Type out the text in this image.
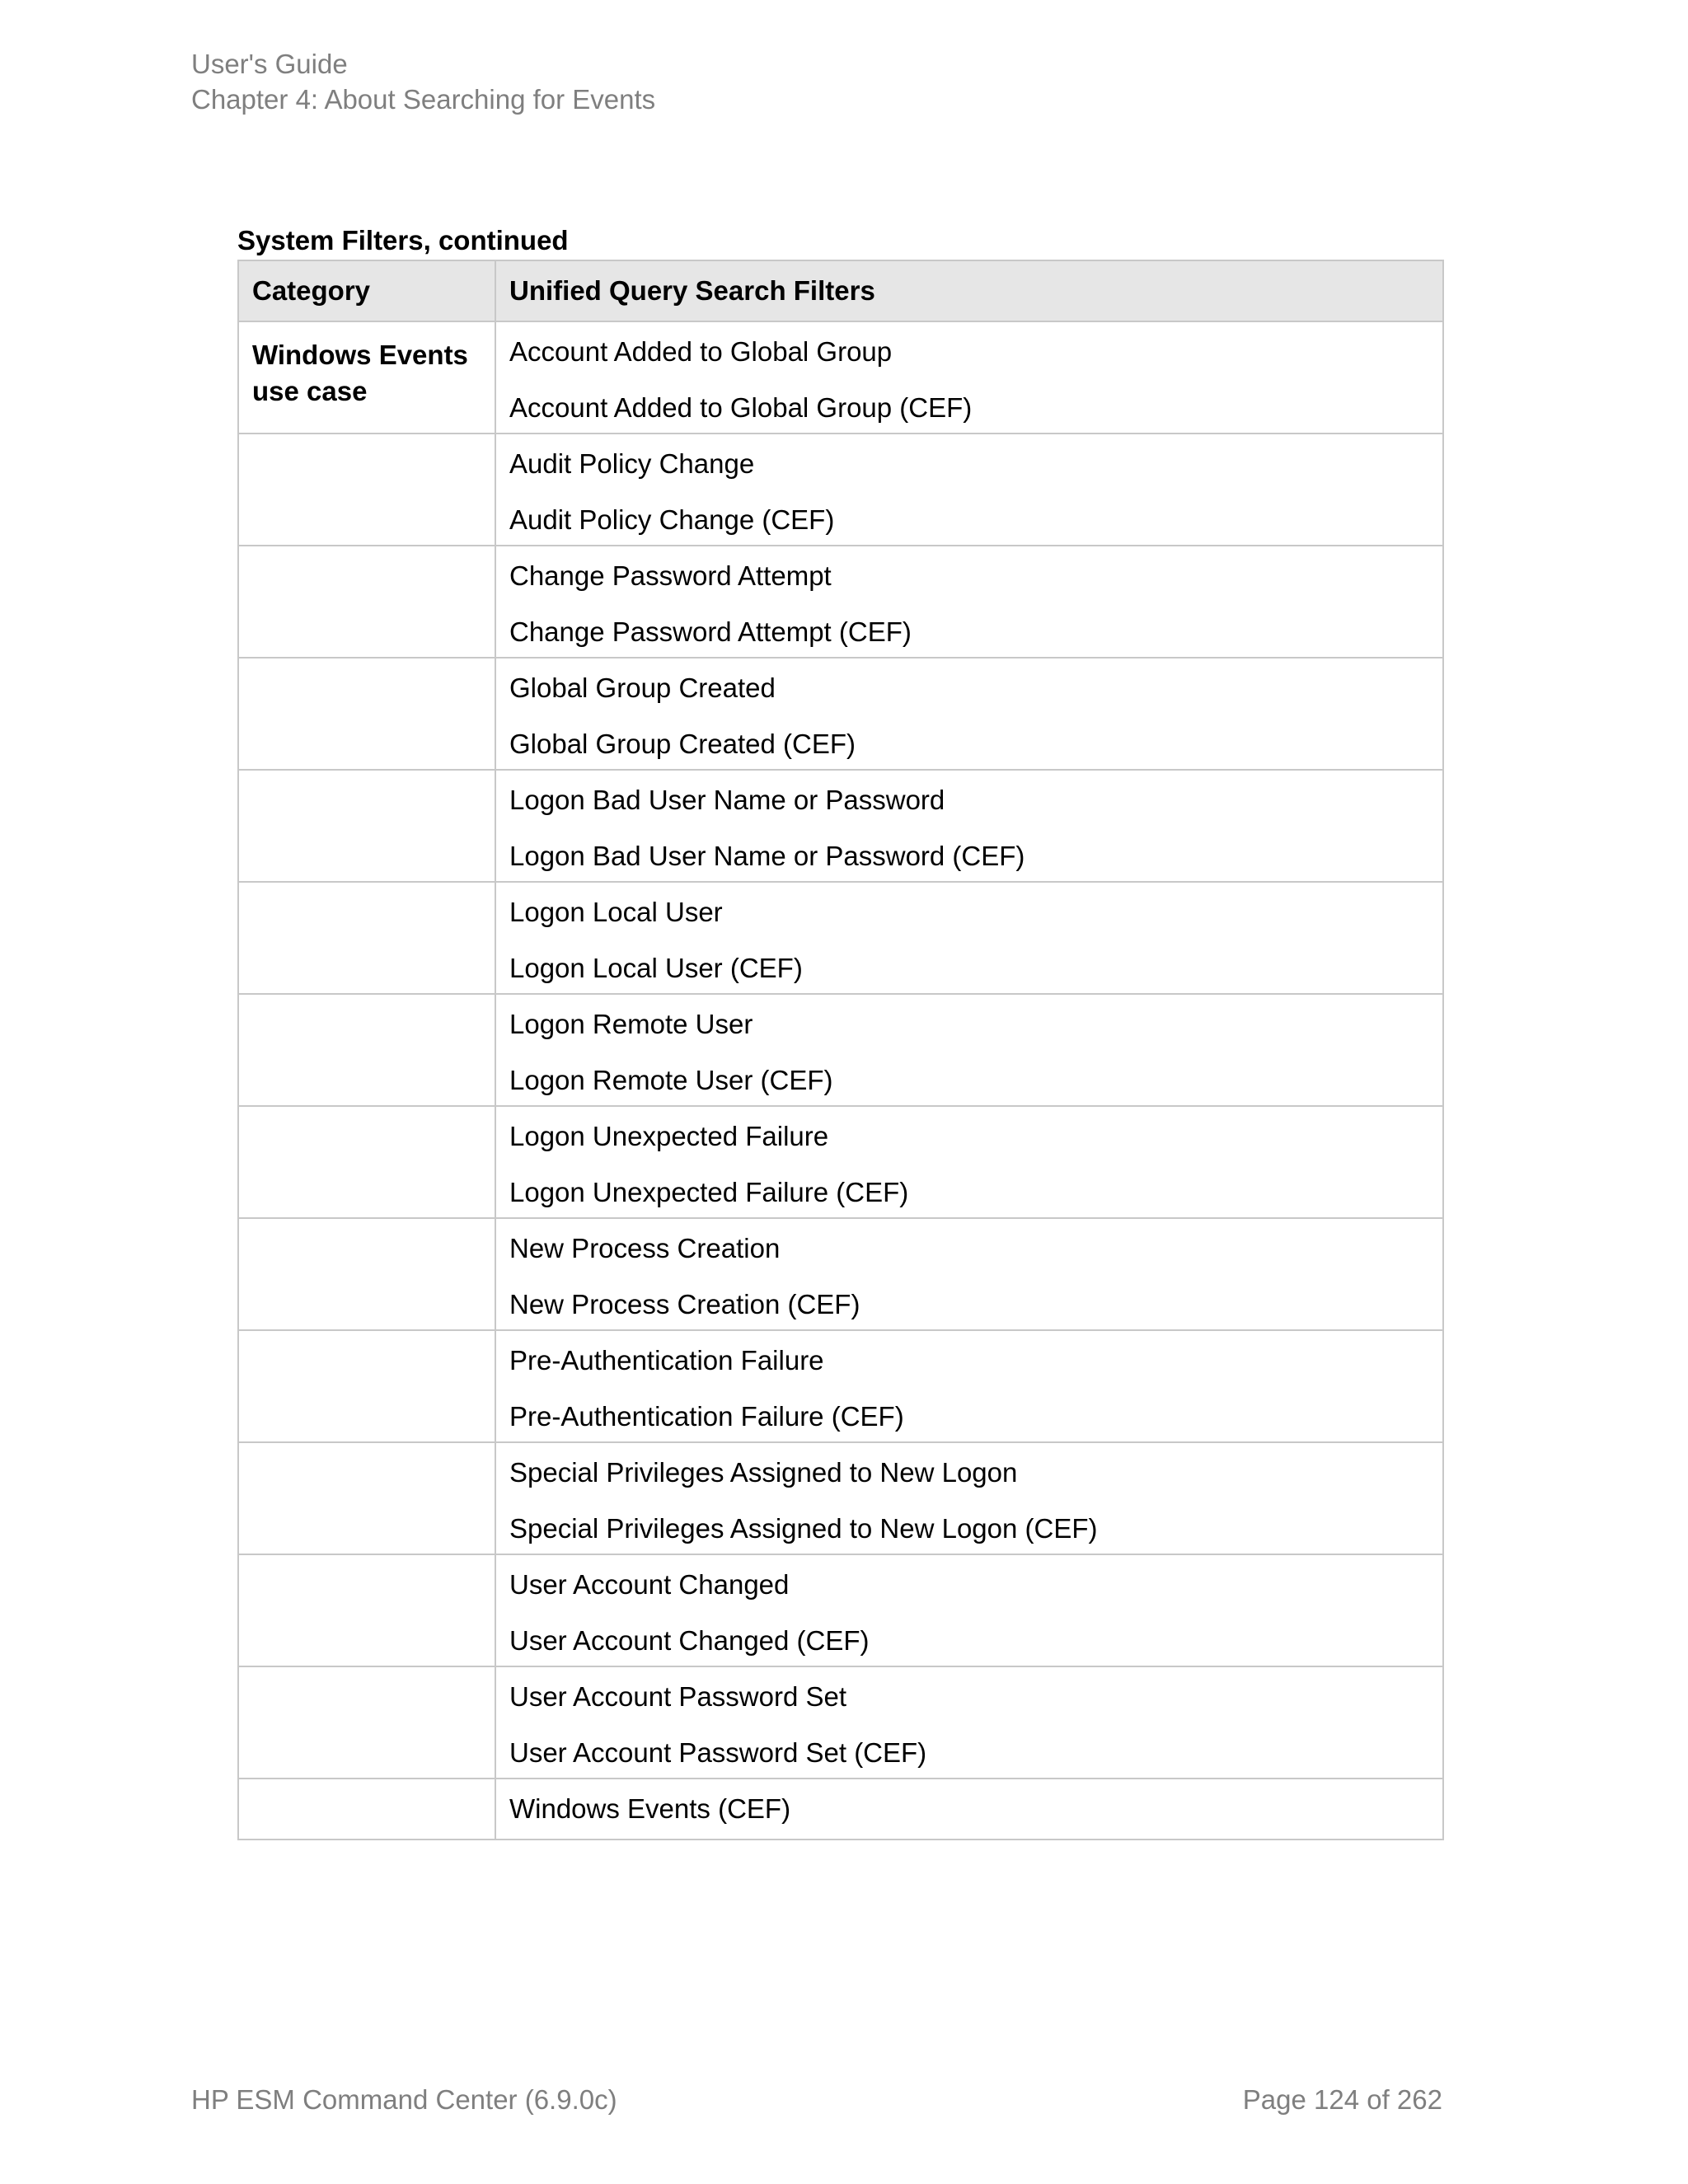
User's Guide
Chapter 4: About Searching for Events
System Filters, continued
Category	Unified Query Search Filters
Windows Events use case	Account Added to Global Group
Account Added to Global Group (CEF)

	Audit Policy Change
Audit Policy Change (CEF)

	Change Password Attempt
Change Password Attempt (CEF)

	Global Group Created
Global Group Created (CEF)

	Logon Bad User Name or Password
Logon Bad User Name or Password (CEF)

	Logon Local User
Logon Local User (CEF)

	Logon Remote User
Logon Remote User (CEF)

	Logon Unexpected Failure
Logon Unexpected Failure (CEF)

	New Process Creation
New Process Creation (CEF)

	Pre-Authentication Failure
Pre-Authentication Failure (CEF)

	Special Privileges Assigned to New Logon
Special Privileges Assigned to New Logon (CEF)

	User Account Changed
User Account Changed (CEF)

	User Account Password Set
User Account Password Set (CEF)

	Windows Events (CEF)
HP ESM Command Center (6.9.0c)	Page 124 of 262
